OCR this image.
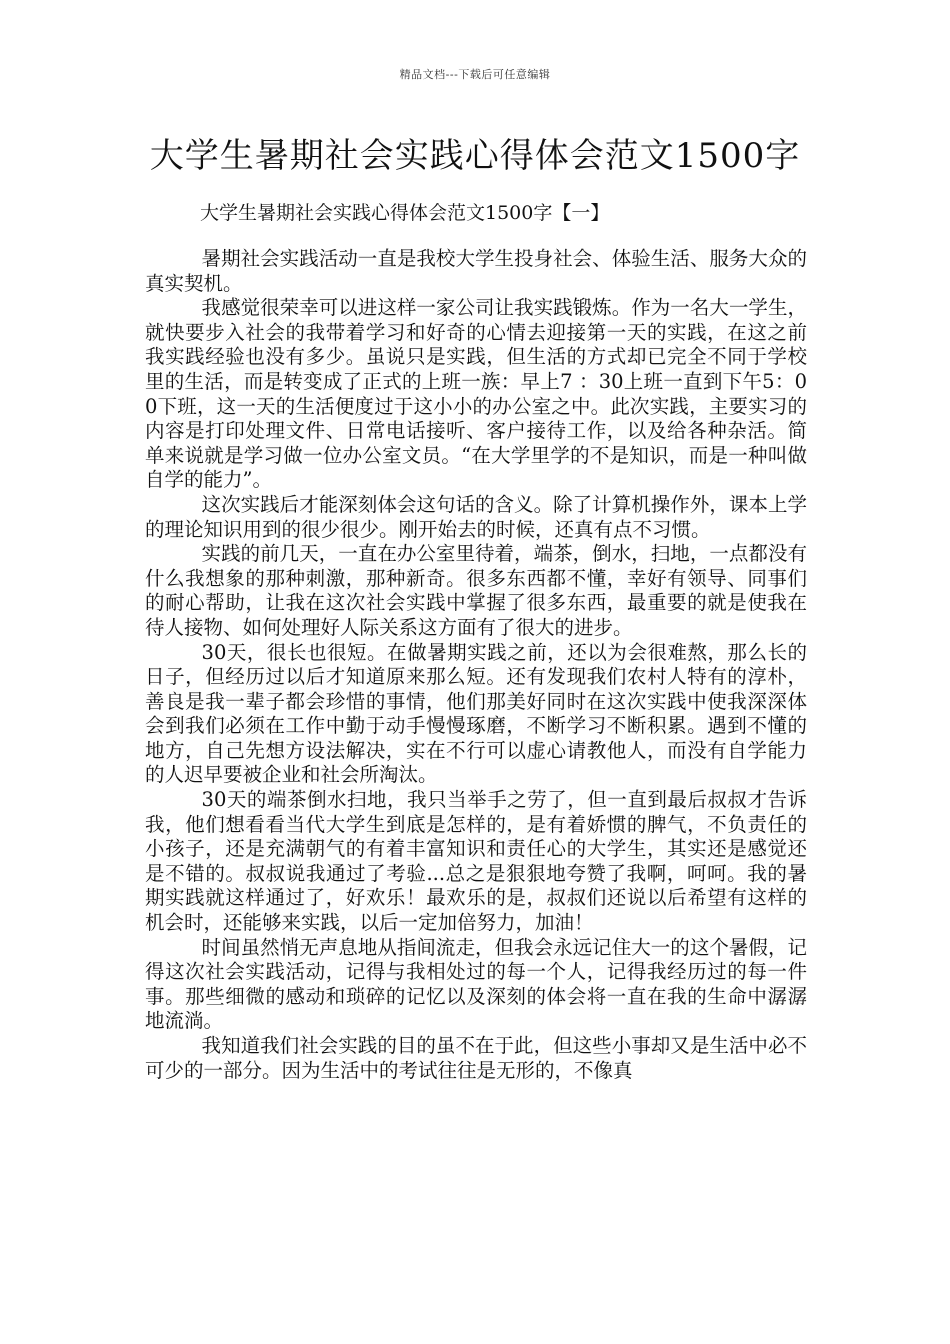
精品文档---下载后可任意编辑
大学生暑期社会实践心得体会范文1500字
大学生暑期社会实践心得体会范文1500字【一】

暑期社会实践活动一直是我校大学生投身社会、体验生活、服务大众的真实契机。

我感觉很荣幸可以进这样一家公司让我实践锻炼。作为一名大一学生，就快要步入社会的我带着学习和好奇的心情去迎接第一天的实践，在这之前我实践经验也没有多少。虽说只是实践，但生活的方式却已完全不同于学校里的生活，而是转变成了正式的上班一族：早上7 ：30上班一直到下午5：00下班，这一天的生活便度过于这小小的办公室之中。此次实践，主要实习的内容是打印处理文件、日常电话接听、客户接待工作，以及给各种杂活。简单来说就是学习做一位办公室文员。“在大学里学的不是知识，而是一种叫做自学的能力”。

这次实践后才能深刻体会这句话的含义。除了计算机操作外，课本上学的理论知识用到的很少很少。刚开始去的时候，还真有点不习惯。

实践的前几天，一直在办公室里待着，端茶，倒水，扫地，一点都没有什么我想象的那种刺激，那种新奇。很多东西都不懂，幸好有领导、同事们的耐心帮助，让我在这次社会实践中掌握了很多东西，最重要的就是使我在待人接物、如何处理好人际关系这方面有了很大的进步。

30天，很长也很短。在做暑期实践之前，还以为会很难熬，那么长的日子，但经历过以后才知道原来那么短。还有发现我们农村人特有的淳朴，善良是我一辈子都会珍惜的事情，他们那美好同时在这次实践中使我深深体会到我们必须在工作中勤于动手慢慢琢磨，不断学习不断积累。遇到不懂的地方，自己先想方设法解决，实在不行可以虚心请教他人，而没有自学能力的人迟早要被企业和社会所淘汰。

30天的端茶倒水扫地，我只当举手之劳了，但一直到最后叔叔才告诉我，他们想看看当代大学生到底是怎样的，是有着娇惯的脾气，不负责任的小孩子，还是充满朝气的有着丰富知识和责任心的大学生，其实还是感觉还是不错的。叔叔说我通过了考验...总之是狠狠地夸赞了我啊，呵呵。我的暑期实践就这样通过了，好欢乐！最欢乐的是，叔叔们还说以后希望有这样的机会时，还能够来实践，以后一定加倍努力，加油！

时间虽然悄无声息地从指间流走，但我会永远记住大一的这个暑假，记得这次社会实践活动，记得与我相处过的每一个人，记得我经历过的每一件事。那些细微的感动和琐碎的记忆以及深刻的体会将一直在我的生命中潺潺地流淌。

我知道我们社会实践的目的虽不在于此，但这些小事却又是生活中必不可少的一部分。因为生活中的考试往往是无形的，不像真
